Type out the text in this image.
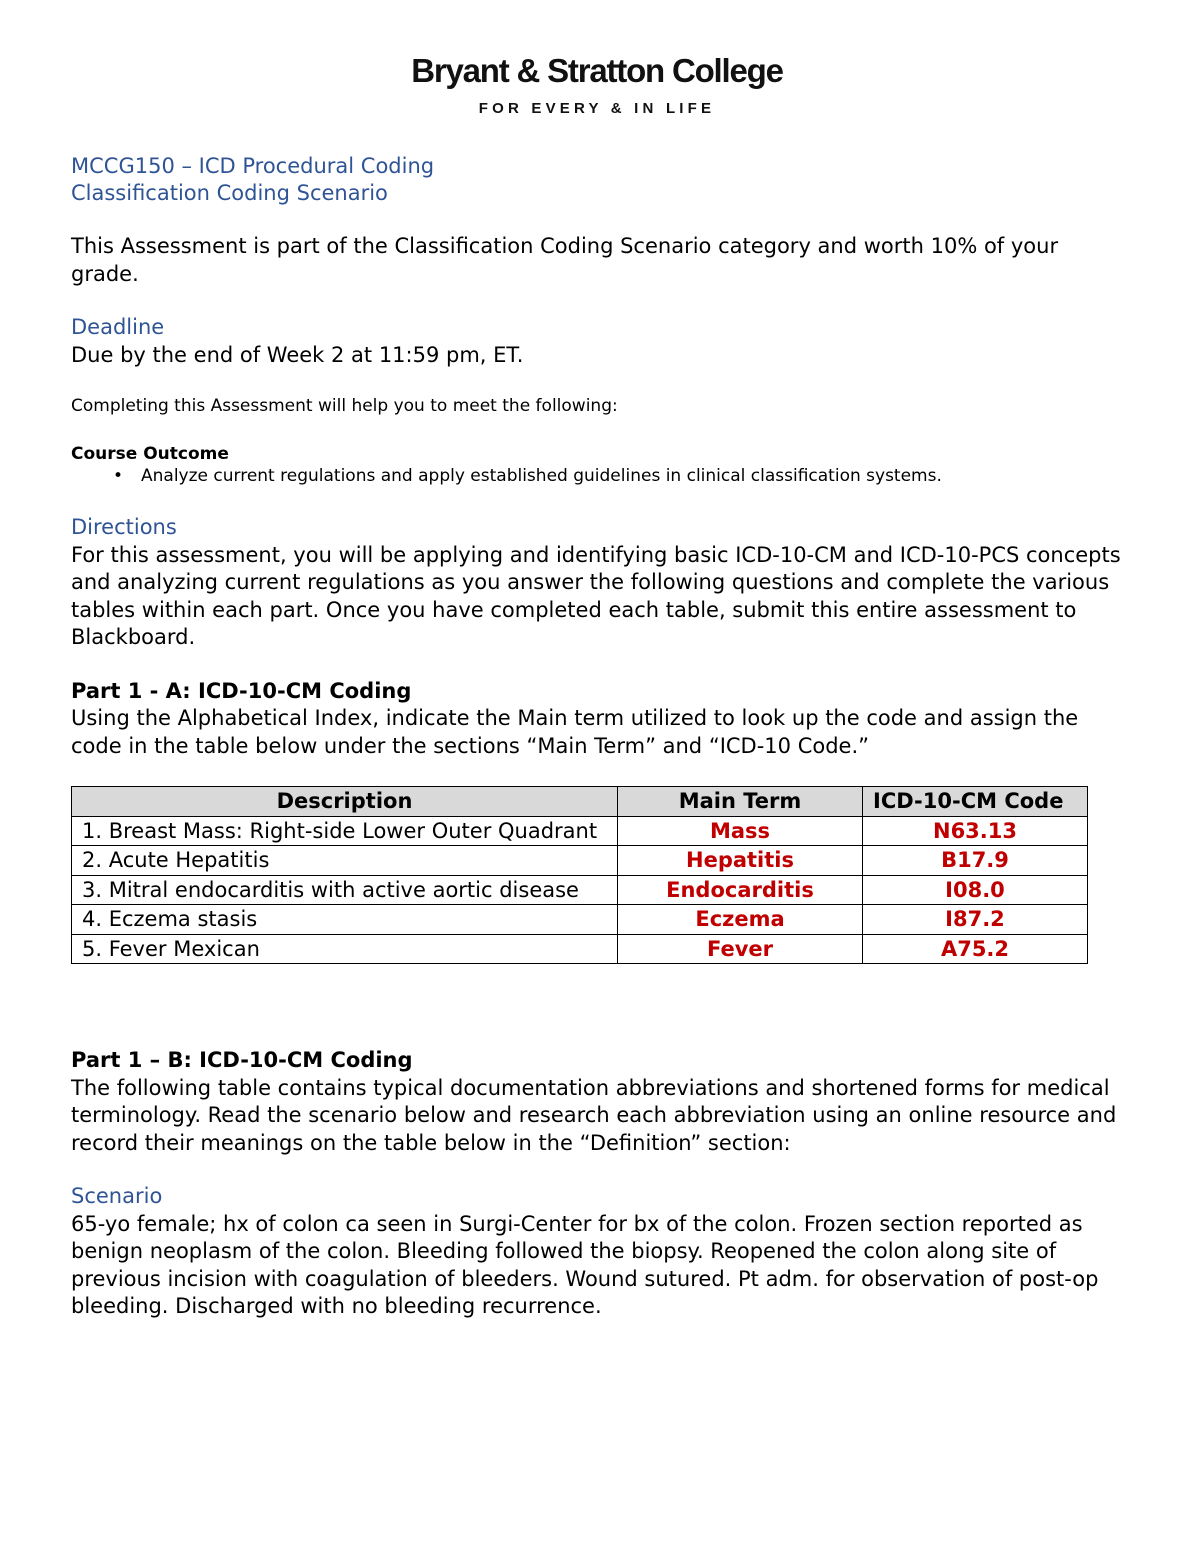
Bryant & Stratton College
FOR EVERY & IN LIFE
MCCG150 – ICD Procedural Coding
Classification Coding Scenario

This Assessment is part of the Classification Coding Scenario category and worth 10% of your grade.

Deadline

Due by the end of Week 2 at 11:59 pm, ET.

Completing this Assessment will help you to meet the following:
Course Outcome
• Analyze current regulations and apply established guidelines in clinical classification systems.
Directions

For this assessment, you will be applying and identifying basic ICD-10-CM and ICD-10-PCS concepts and analyzing current regulations as you answer the following questions and complete the various tables within each part. Once you have completed each table, submit this entire assessment to Blackboard.

Part 1 - A: ICD-10-CM Coding

Using the Alphabetical Index, indicate the Main term utilized to look up the code and assign the code in the table below under the sections “Main Term” and “ICD-10 Code.”

Description	Main Term	ICD-10-CM Code
1. Breast Mass: Right-side Lower Outer Quadrant	Mass	N63.13
2. Acute Hepatitis	Hepatitis	B17.9
3. Mitral endocarditis with active aortic disease	Endocarditis	I08.0
4. Eczema stasis	Eczema	I87.2
5. Fever Mexican	Fever	A75.2
Part 1 – B: ICD-10-CM Coding

The following table contains typical documentation abbreviations and shortened forms for medical terminology. Read the scenario below and research each abbreviation using an online resource and record their meanings on the table below in the “Definition” section:

Scenario

65-yo female; hx of colon ca seen in Surgi-Center for bx of the colon. Frozen section reported as benign neoplasm of the colon. Bleeding followed the biopsy. Reopened the colon along site of previous incision with coagulation of bleeders. Wound sutured. Pt adm. for observation of post-op bleeding. Discharged with no bleeding recurrence.
